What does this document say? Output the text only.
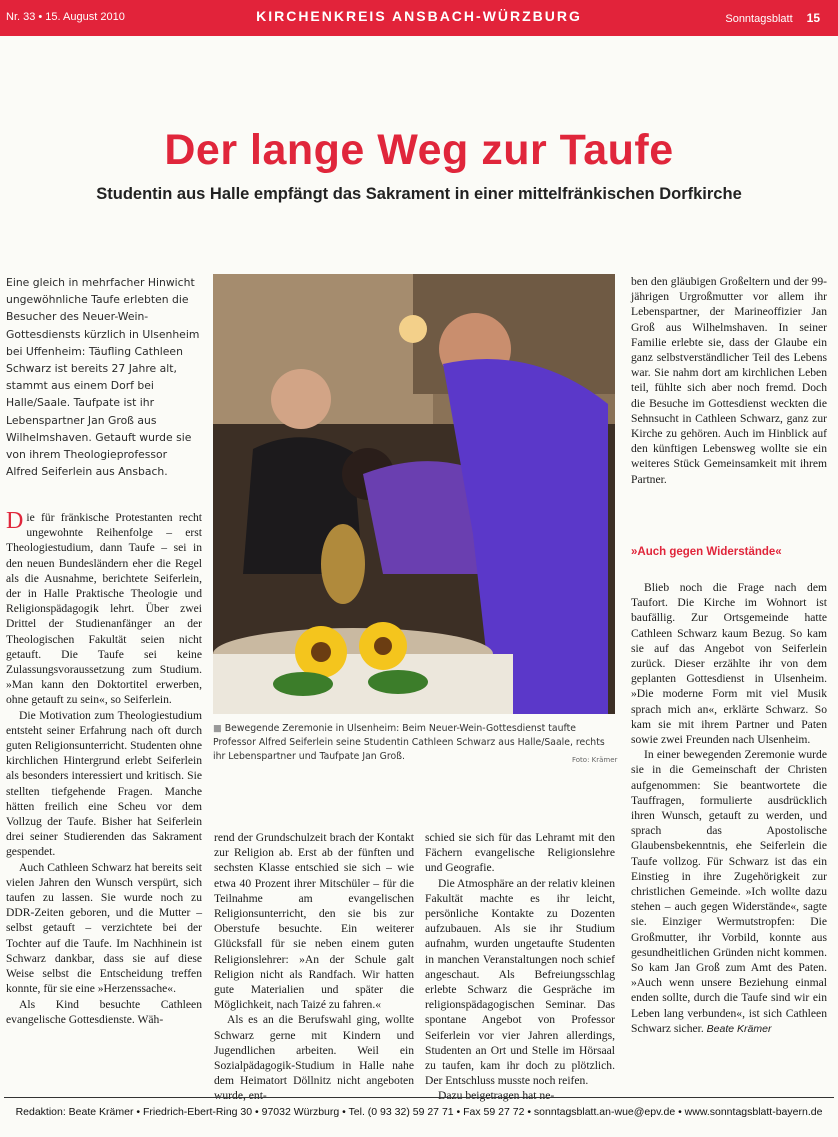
Nr. 33 • 15. August 2010	KIRCHENKREIS ANSBACH-WÜRZBURG	Sonntagsblatt 15
Der lange Weg zur Taufe
Studentin aus Halle empfängt das Sakrament in einer mittelfränkischen Dorfkirche
Eine gleich in mehrfacher Hinwicht ungewöhnliche Taufe erlebten die Besucher des Neuer-Wein-Gottesdiensts kürzlich in Ulsenheim bei Uffenheim: Täufling Cathleen Schwarz ist bereits 27 Jahre alt, stammt aus einem Dorf bei Halle/Saale. Taufpate ist ihr Lebenspartner Jan Groß aus Wilhelmshaven. Getauft wurde sie von ihrem Theologieprofessor Alfred Seiferlein aus Ansbach.

Die für fränkische Protestanten recht ungewohnte Reihenfolge – erst Theologiestudium, dann Taufe – sei in den neuen Bundesländern eher die Regel als die Ausnahme, berichtete Seiferlein, der in Halle Praktische Theologie und Religionspädagogik lehrt. Über zwei Drittel der Studienanfänger an der Theologischen Fakultät seien nicht getauft. Die Taufe sei keine Zulassungsvoraussetzung zum Studium. »Man kann den Doktortitel erwerben, ohne getauft zu sein«, so Seiferlein.

Die Motivation zum Theologiestudium entsteht seiner Erfahrung nach oft durch guten Religionsunterricht. Studenten ohne kirchlichen Hintergrund erlebt Seiferlein als besonders interessiert und kritisch. Sie stellten tiefgehende Fragen. Manche hätten freilich eine Scheu vor dem Vollzug der Taufe. Bisher hat Seiferlein drei seiner Studierenden das Sakrament gespendet.

Auch Cathleen Schwarz hat bereits seit vielen Jahren den Wunsch verspürt, sich taufen zu lassen. Sie wurde noch zu DDR-Zeiten geboren, und die Mutter – selbst getauft – verzichtete bei der Tochter auf die Taufe. Im Nachhinein ist Schwarz dankbar, dass sie auf diese Weise selbst die Entscheidung treffen konnte, für sie eine »Herzenssache«.

Als Kind besuchte Cathleen evangelische Gottesdienste. Wäh-

■ Bewegende Zeremonie in Ulsenheim: Beim Neuer-Wein-Gottesdienst taufte Professor Alfred Seiferlein seine Studentin Cathleen Schwarz aus Halle/Saale, rechts ihr Lebenspartner und Taufpate Jan Groß.	Foto: Krämer

rend der Grundschulzeit brach der Kontakt zur Religion ab. Erst ab der fünften und sechsten Klasse entschied sie sich – wie etwa 40 Prozent ihrer Mitschüler – für die Teilnahme am evangelischen Religionsunterricht, den sie bis zur Oberstufe besuchte. Ein weiterer Glücksfall für sie neben einem guten Religionslehrer: »An der Schule galt Religion nicht als Randfach. Wir hatten gute Materialien und später die Möglichkeit, nach Taizé zu fahren.«

Als es an die Berufswahl ging, wollte Schwarz gerne mit Kindern und Jugendlichen arbeiten. Weil ein Sozialpädagogik-Studium in Halle nahe dem Heimatort Döllnitz nicht angeboten wurde, ent-

schied sie sich für das Lehramt mit den Fächern evangelische Religionslehre und Geografie.

Die Atmosphäre an der relativ kleinen Fakultät machte es ihr leicht, persönliche Kontakte zu Dozenten aufzubauen. Als sie ihr Studium aufnahm, wurden ungetaufte Studenten in manchen Veranstaltungen noch schief angeschaut. Als Befreiungsschlag erlebte Schwarz die Gespräche im religionspädagogischen Seminar. Das spontane Angebot von Professor Seiferlein vor vier Jahren allerdings, Studenten an Ort und Stelle im Hörsaal zu taufen, kam ihr doch zu plötzlich. Der Entschluss musste noch reifen.

Dazu beigetragen hat ne-

ben den gläubigen Großeltern und der 99-jährigen Urgroßmutter vor allem ihr Lebenspartner, der Marineoffizier Jan Groß aus Wilhelmshaven. In seiner Familie erlebte sie, dass der Glaube ein ganz selbstverständlicher Teil des Lebens war. Sie nahm dort am kirchlichen Leben teil, fühlte sich aber noch fremd. Doch die Besuche im Gottesdienst weckten die Sehnsucht in Cathleen Schwarz, ganz zur Kirche zu gehören. Auch im Hinblick auf den künftigen Lebensweg wollte sie ein weiteres Stück Gemeinsamkeit mit ihrem Partner.

»Auch gegen Widerstände«

Blieb noch die Frage nach dem Taufort. Die Kirche im Wohnort ist baufällig. Zur Ortsgemeinde hatte Cathleen Schwarz kaum Bezug. So kam sie auf das Angebot von Seiferlein zurück. Dieser erzählte ihr von dem geplanten Gottesdienst in Ulsenheim. »Die moderne Form mit viel Musik sprach mich an«, erklärte Schwarz. So kam sie mit ihrem Partner und Paten sowie zwei Freunden nach Ulsenheim.

In einer bewegenden Zeremonie wurde sie in die Gemeinschaft der Christen aufgenommen: Sie beantwortete die Tauffragen, formulierte ausdrücklich ihren Wunsch, getauft zu werden, und sprach das Apostolische Glaubensbekenntnis, ehe Seiferlein die Taufe vollzog. Für Schwarz ist das ein Einstieg in ihre Zugehörigkeit zur christlichen Gemeinde. »Ich wollte dazu stehen – auch gegen Widerstände«, sagte sie. Einziger Wermutstropfen: Die Großmutter, ihr Vorbild, konnte aus gesundheitlichen Gründen nicht kommen. So kam Jan Groß zum Amt des Paten. »Auch wenn unsere Beziehung einmal enden sollte, durch die Taufe sind wir ein Leben lang verbunden«, ist sich Cathleen Schwarz sicher. Beate Krämer

Redaktion: Beate Krämer • Friedrich-Ebert-Ring 30 • 97032 Würzburg • Tel. (0 93 32) 59 27 71 • Fax 59 27 72 • sonntagsblatt.an-wue@epv.de • www.sonntagsblatt-bayern.de
